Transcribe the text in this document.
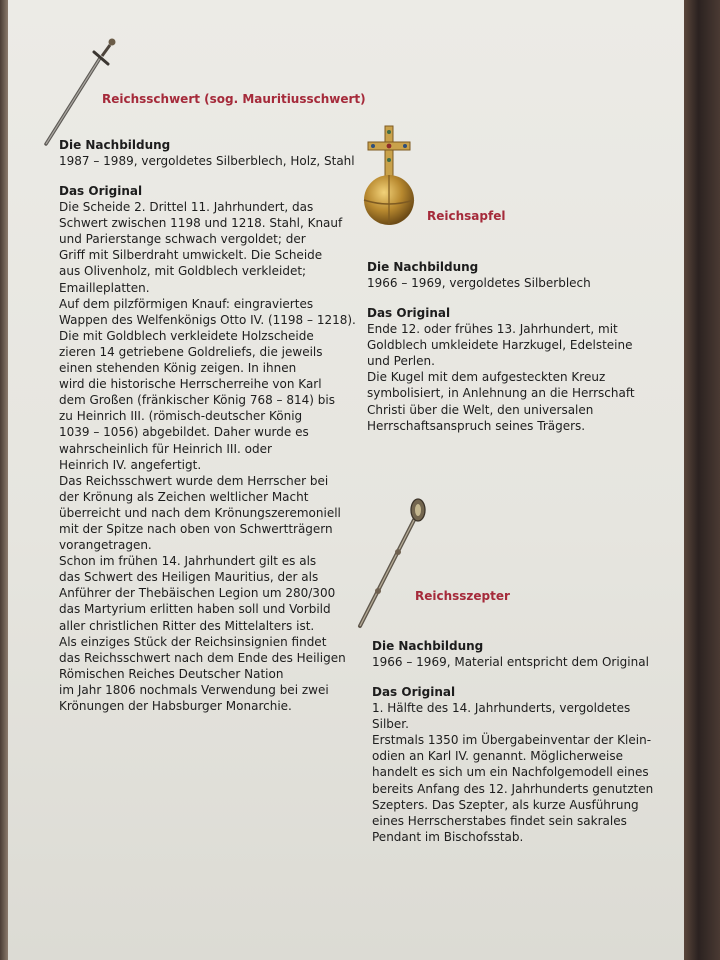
Reichsschwert (sog. Mauritiusschwert)
Die Nachbildung
1987 – 1989, vergoldetes Silberblech, Holz, Stahl
Das Original
Die Scheide 2. Drittel 11. Jahrhundert, das
Schwert zwischen 1198 und 1218. Stahl, Knauf
und Parierstange schwach vergoldet; der
Griff mit Silberdraht umwickelt. Die Scheide
aus Olivenholz, mit Goldblech verkleidet;
Emailleplatten.
Auf dem pilzförmigen Knauf: eingraviertes
Wappen des Welfenkönigs Otto IV. (1198 – 1218).
Die mit Goldblech verkleidete Holzscheide
zieren 14 getriebene Goldreliefs, die jeweils
einen stehenden König zeigen. In ihnen
wird die historische Herrscherreihe von Karl
dem Großen (fränkischer König 768 – 814) bis
zu Heinrich III. (römisch-deutscher König
1039 – 1056) abgebildet. Daher wurde es
wahrscheinlich für Heinrich III. oder
Heinrich IV. angefertigt.
Das Reichsschwert wurde dem Herrscher bei
der Krönung als Zeichen weltlicher Macht
überreicht und nach dem Krönungszeremoniell
mit der Spitze nach oben von Schwertträgern
vorangetragen.
Schon im frühen 14. Jahrhundert gilt es als
das Schwert des Heiligen Mauritius, der als
Anführer der Thebäischen Legion um 280/300
das Martyrium erlitten haben soll und Vorbild
aller christlichen Ritter des Mittelalters ist.
Als einziges Stück der Reichsinsignien findet
das Reichsschwert nach dem Ende des Heiligen
Römischen Reiches Deutscher Nation
im Jahr 1806 nochmals Verwendung bei zwei
Krönungen der Habsburger Monarchie.
Reichsapfel
Die Nachbildung
1966 – 1969, vergoldetes Silberblech
Das Original
Ende 12. oder frühes 13. Jahrhundert, mit
Goldblech umkleidete Harzkugel, Edelsteine
und Perlen.
Die Kugel mit dem aufgesteckten Kreuz
symbolisiert, in Anlehnung an die Herrschaft
Christi über die Welt, den universalen
Herrschaftsanspruch seines Trägers.
Reichsszepter
Die Nachbildung
1966 – 1969, Material entspricht dem Original
Das Original
1. Hälfte des 14. Jahrhunderts, vergoldetes
Silber.
Erstmals 1350 im Übergabeinventar der Klein-
odien an Karl IV. genannt. Möglicherweise
handelt es sich um ein Nachfolgemodell eines
bereits Anfang des 12. Jahrhunderts genutzten
Szepters. Das Szepter, als kurze Ausführung
eines Herrscherstabes findet sein sakrales
Pendant im Bischofsstab.
